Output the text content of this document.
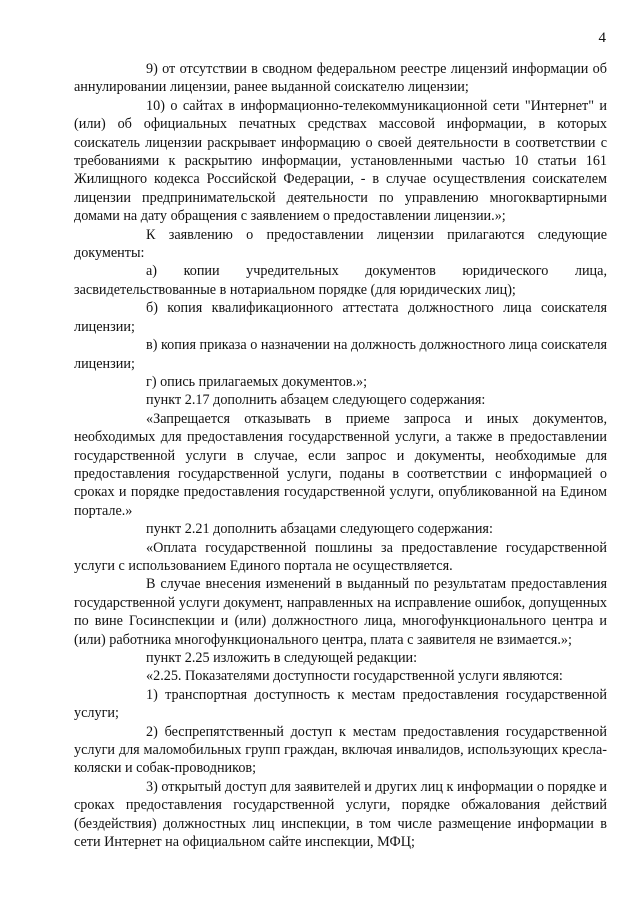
4

9) от отсутствии в сводном федеральном реестре лицензий информации об аннулировании лицензии, ранее выданной соискателю лицензии;

10) о сайтах в информационно-телекоммуникационной сети "Интернет" и (или) об официальных печатных средствах массовой информации, в которых соискатель лицензии раскрывает информацию о своей деятельности в соответствии с требованиями к раскрытию информации, установленными частью 10 статьи 161 Жилищного кодекса Российской Федерации, - в случае осуществления соискателем лицензии предпринимательской деятельности по управлению многоквартирными домами на дату обращения с заявлением о предоставлении лицензии.»;

К заявлению о предоставлении лицензии прилагаются следующие документы:

а) копии учредительных документов юридического лица, засвидетельствованные в нотариальном порядке (для юридических лиц);

б) копия квалификационного аттестата должностного лица соискателя лицензии;

в) копия приказа о назначении на должность должностного лица соискателя лицензии;

г) опись прилагаемых документов.»;

пункт 2.17 дополнить абзацем следующего содержания:

«Запрещается отказывать в приеме запроса и иных документов, необходимых для предоставления государственной услуги, а также в предоставлении государственной услуги в случае, если запрос и документы, необходимые для предоставления государственной услуги, поданы в соответствии с информацией о сроках и порядке предоставления государственной услуги, опубликованной на Едином портале.»

пункт 2.21 дополнить абзацами следующего содержания:

«Оплата государственной пошлины за предоставление государственной услуги с использованием Единого портала не осуществляется.

В случае внесения изменений в выданный по результатам предоставления государственной услуги документ, направленных на исправление ошибок, допущенных по вине Госинспекции и (или) должностного лица, многофункционального центра и (или) работника многофункционального центра, плата с заявителя не взимается.»;

пункт 2.25 изложить в следующей редакции:

«2.25. Показателями доступности государственной услуги являются:

1) транспортная доступность к местам предоставления государственной услуги;

2) беспрепятственный доступ к местам предоставления государственной услуги для маломобильных групп граждан, включая инвалидов, использующих кресла-коляски и собак-проводников;

3) открытый доступ для заявителей и других лиц к информации о порядке и сроках предоставления государственной услуги, порядке обжалования действий (бездействия) должностных лиц инспекции, в том числе размещение информации в сети Интернет на официальном сайте инспекции, МФЦ;
